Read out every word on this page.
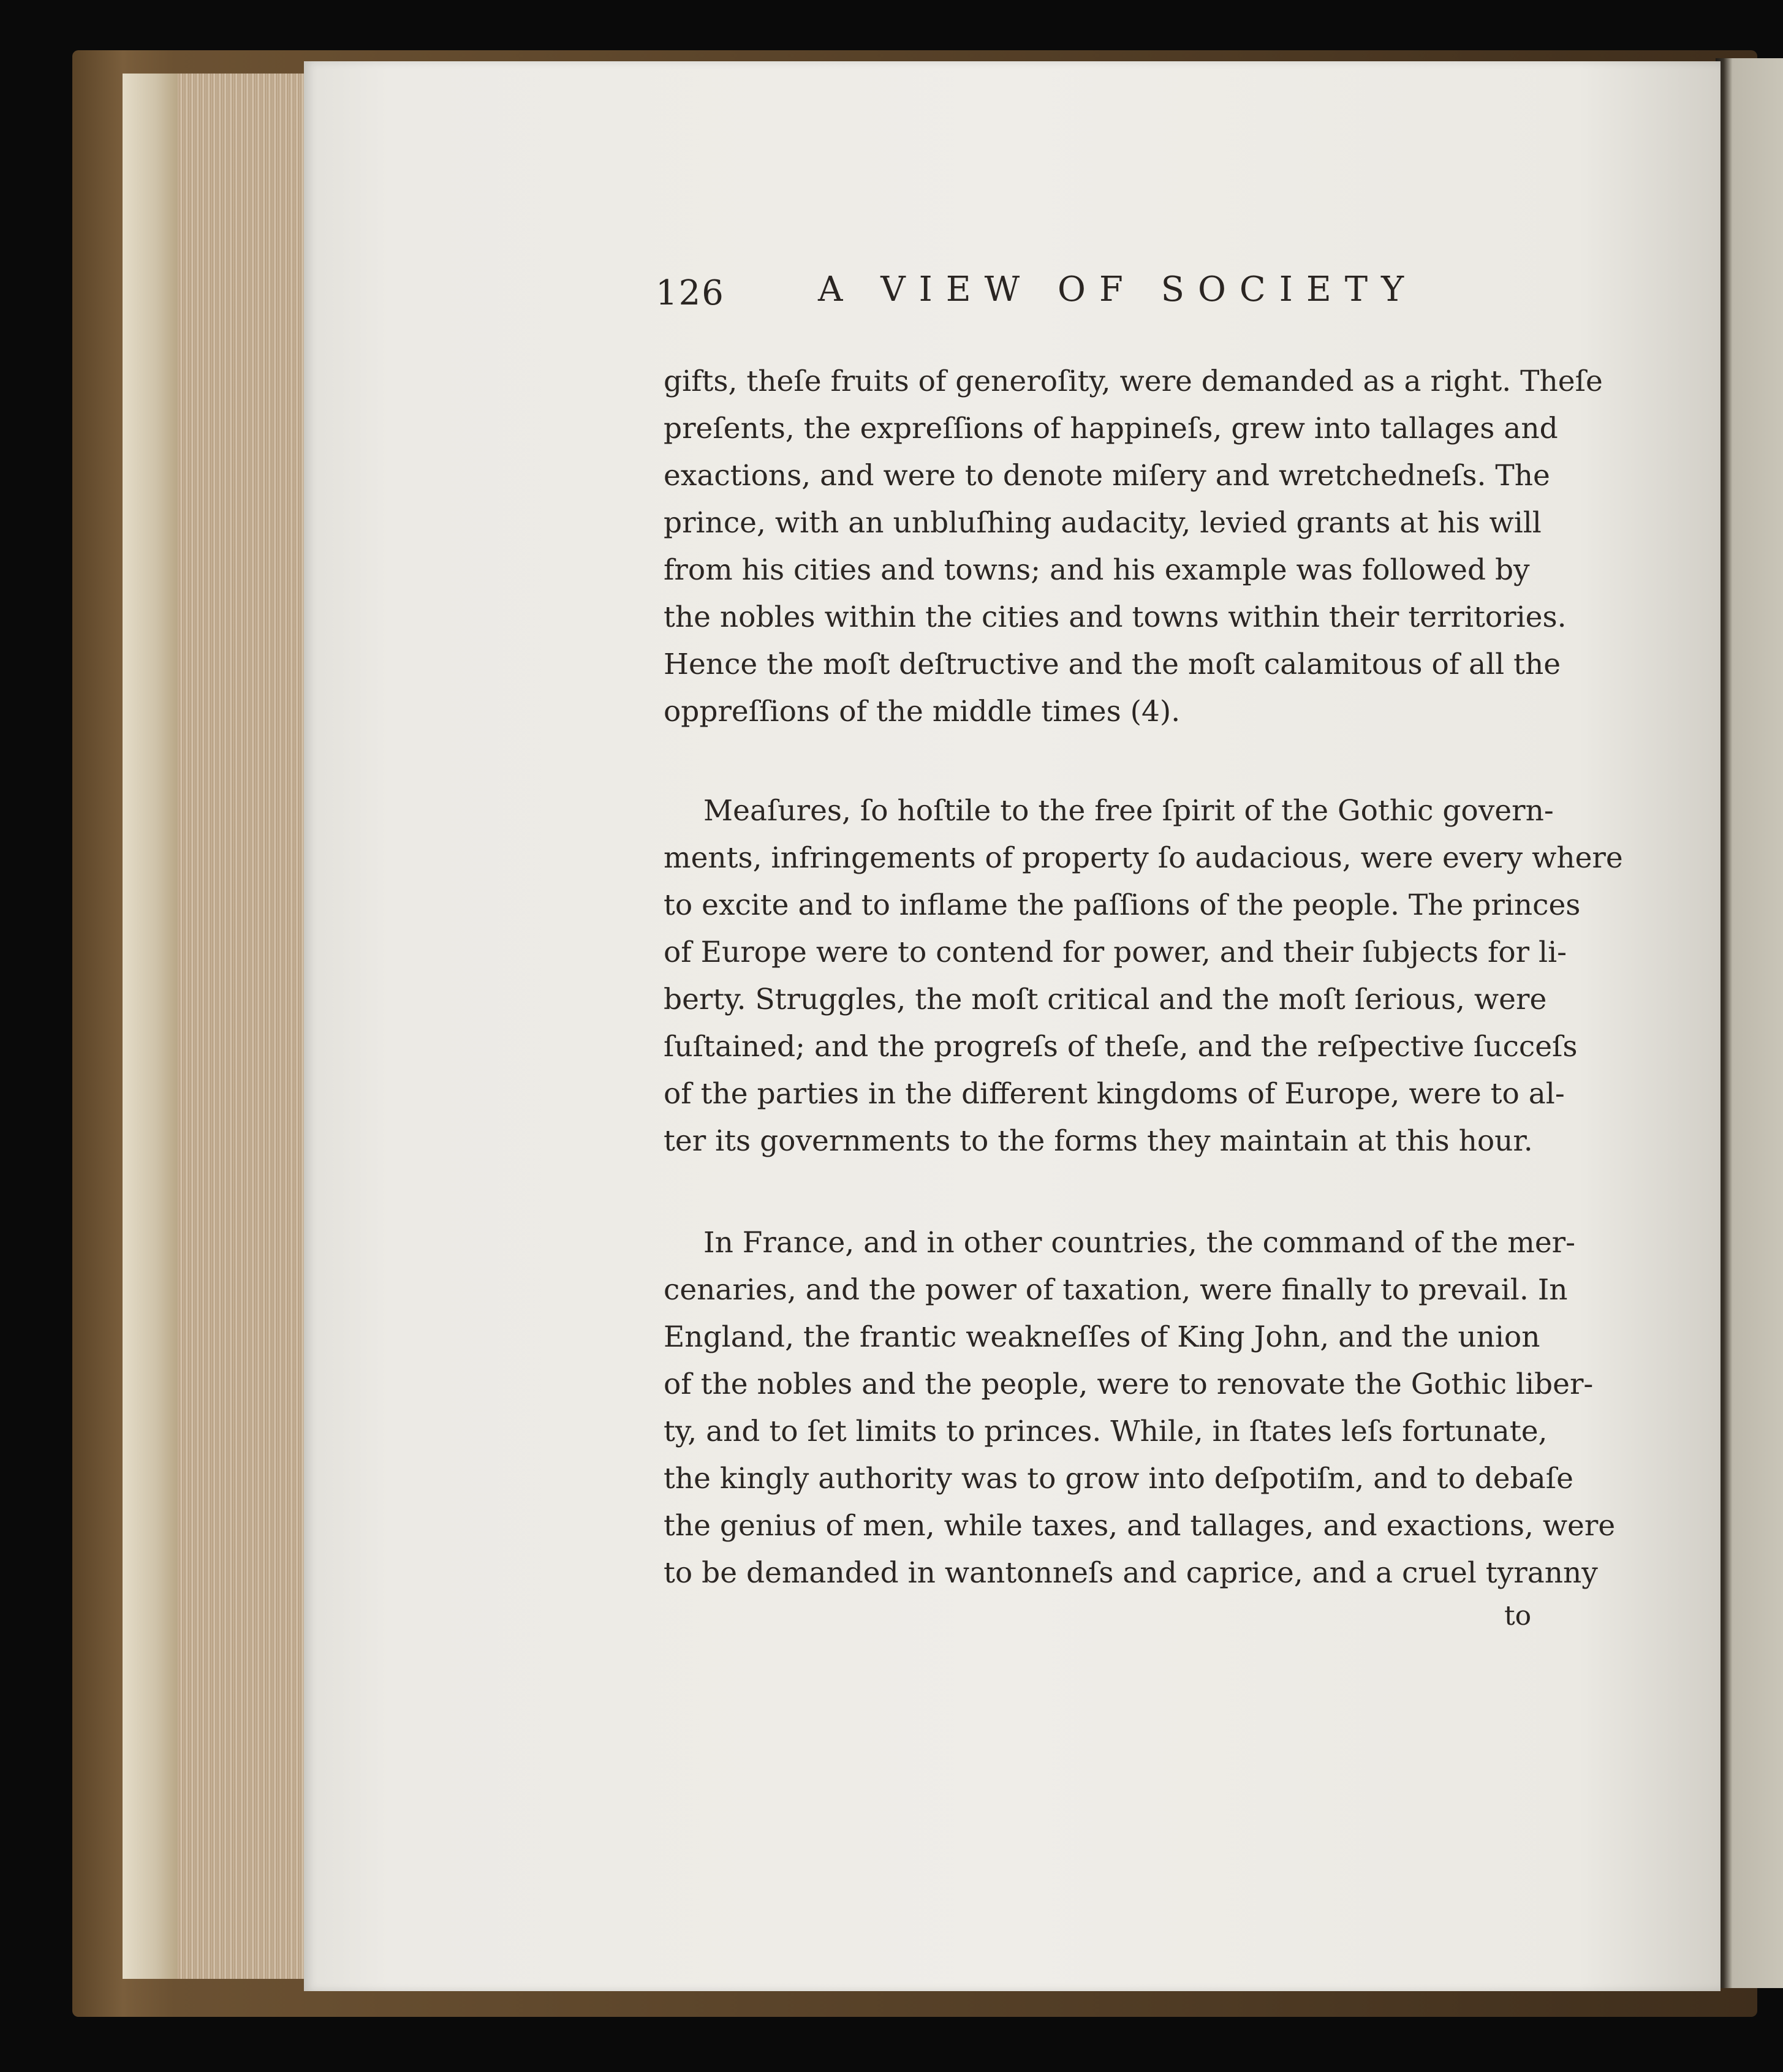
126	A VIEW OF SOCIETY
gifts, theſe fruits of generoſity, were demanded as a right. Theſe
preſents, the expreſſions of happineſs, grew into tallages and
exactions, and were to denote miſery and wretchedneſs. The
prince, with an unbluſhing audacity, levied grants at his will
from his cities and towns; and his example was followed by
the nobles within the cities and towns within their territories.
Hence the moſt deſtructive and the moſt calamitous of all the
oppreſſions of the middle times (4).
Meaſures, ſo hoſtile to the free ſpirit of the Gothic govern-
ments, infringements of property ſo audacious, were every where
to excite and to inflame the paſſions of the people. The princes
of Europe were to contend for power, and their ſubjects for li-
berty. Struggles, the moſt critical and the moſt ſerious, were
ſuſtained; and the progreſs of theſe, and the reſpective ſucceſs
of the parties in the different kingdoms of Europe, were to al-
ter its governments to the forms they maintain at this hour.
In France, and in other countries, the command of the mer-
cenaries, and the power of taxation, were finally to prevail. In
England, the frantic weakneſſes of King John, and the union
of the nobles and the people, were to renovate the Gothic liber-
ty, and to ſet limits to princes. While, in ſtates leſs fortunate,
the kingly authority was to grow into deſpotiſm, and to debaſe
the genius of men, while taxes, and tallages, and exactions, were
to be demanded in wantonneſs and caprice, and a cruel tyranny
to
